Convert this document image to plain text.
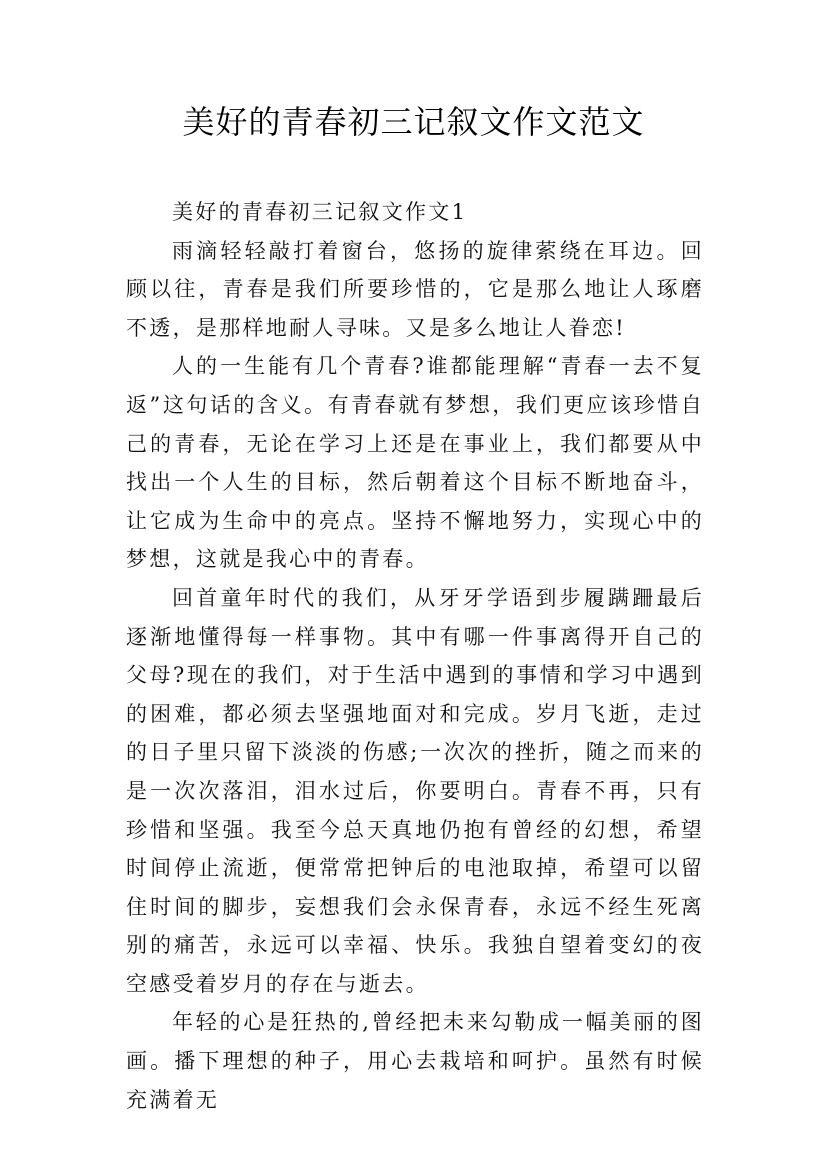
美好的青春初三记叙文作文范文

美好的青春初三记叙文作文1

雨滴轻轻敲打着窗台，悠扬的旋律萦绕在耳边。回顾以往，青春是我们所要珍惜的，它是那么地让人琢磨不透，是那样地耐人寻味。又是多么地让人眷恋!

人的一生能有几个青春?谁都能理解“青春一去不复返”这句话的含义。有青春就有梦想，我们更应该珍惜自己的青春，无论在学习上还是在事业上，我们都要从中找出一个人生的目标，然后朝着这个目标不断地奋斗，让它成为生命中的亮点。坚持不懈地努力，实现心中的梦想，这就是我心中的青春。

回首童年时代的我们，从牙牙学语到步履蹒跚最后逐渐地懂得每一样事物。其中有哪一件事离得开自己的父母?现在的我们，对于生活中遇到的事情和学习中遇到的困难，都必须去坚强地面对和完成。岁月飞逝，走过的日子里只留下淡淡的伤感;一次次的挫折，随之而来的是一次次落泪，泪水过后，你要明白。青春不再，只有珍惜和坚强。我至今总天真地仍抱有曾经的幻想，希望时间停止流逝，便常常把钟后的电池取掉，希望可以留住时间的脚步，妄想我们会永保青春，永远不经生死离别的痛苦，永远可以幸福、快乐。我独自望着变幻的夜空感受着岁月的存在与逝去。

年轻的心是狂热的,曾经把未来勾勒成一幅美丽的图画。播下理想的种子，用心去栽培和呵护。虽然有时候充满着无
